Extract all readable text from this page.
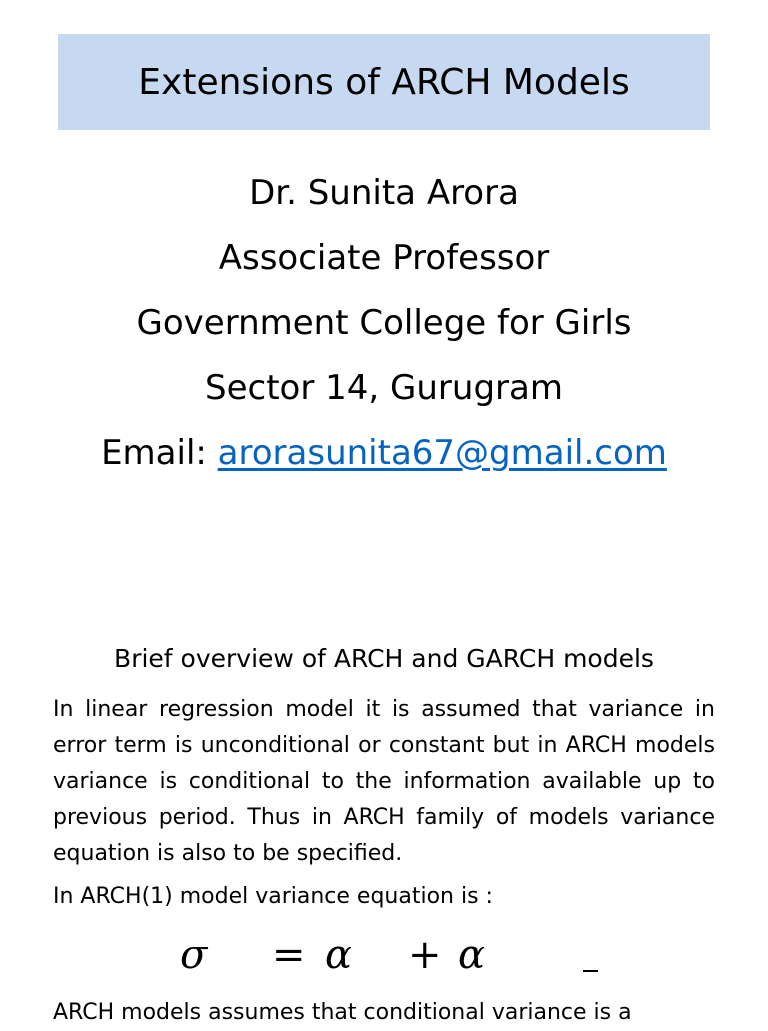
Extensions of ARCH Models
Dr. Sunita Arora
Associate Professor
Government College for Girls
Sector 14, Gurugram
Email: arorasunita67@gmail.com
Brief overview of ARCH and GARCH models
In linear regression model it is assumed that variance in error term is unconditional or constant but in ARCH models variance is conditional to the information available up to previous period. Thus in ARCH family of models variance equation is also to be specified.
In ARCH(1) model variance equation is :
σ = α + α
ARCH models assumes that conditional variance is a
